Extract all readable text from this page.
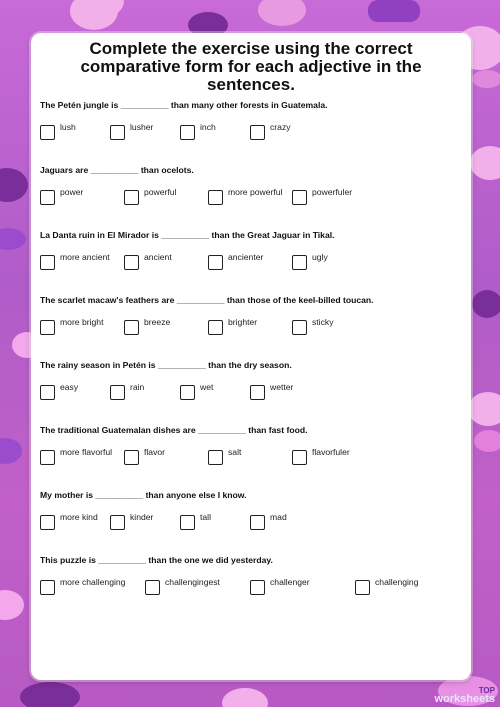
Complete the exercise using the correct comparative form for each adjective in the sentences.
The Petén jungle is __________ than many other forests in Guatemala.
lush	lusher	inch	crazy
Jaguars are __________ than ocelots.
power	powerful	more powerful	powerfuler
La Danta ruin in El Mirador is __________ than the Great Jaguar in Tikal.
more ancient	ancient	ancienter	ugly
The scarlet macaw's feathers are __________ than those of the keel-billed toucan.
more bright	breeze	brighter	sticky
The rainy season in Petén is __________ than the dry season.
easy	rain	wet	wetter
The traditional Guatemalan dishes are __________ than fast food.
more flavorful	flavor	salt	flavorfuler
My mother is __________ than anyone else I know.
more kind	kinder	tall	mad
This puzzle is __________ than the one we did yesterday.
more challenging	challengingest	challenger	challenging
TOP
worksheets
